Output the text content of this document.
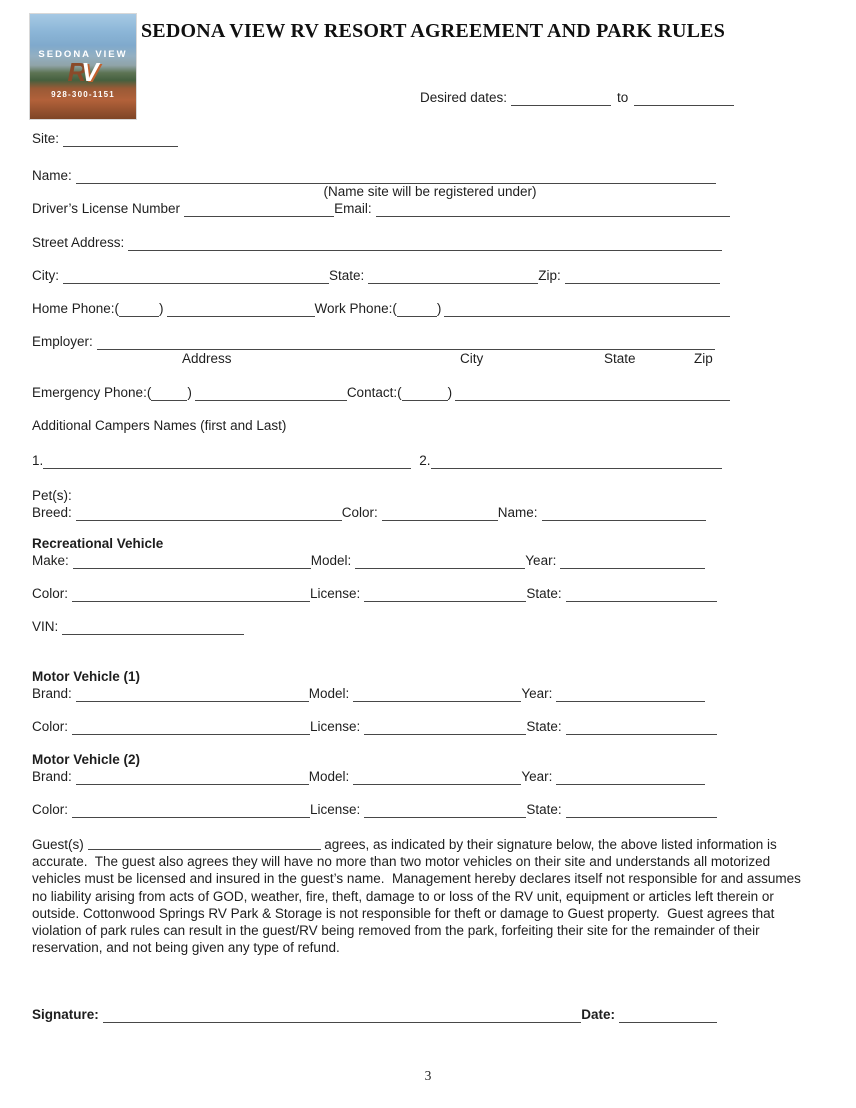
SEDONA VIEW
RV
928-300-1151
SEDONA VIEW RV RESORT AGREEMENT AND PARK RULES
Desired dates:	to
Site:
Name:
(Name site will be registered under)
Driver’s License Number	Email:
Street Address:
City:	State:	Zip:
Home Phone:(	)	Work Phone:(	)
Employer:
Address	City	State	Zip
Emergency Phone:(	)	Contact:(	)
Additional Campers Names (first and Last)
1.	2.
Pet(s):
Breed:	Color:	Name:
Recreational Vehicle
Make:	Model:	Year:
Color:	License:	State:
VIN:
Motor Vehicle (1)
Brand:	Model:	Year:
Color:	License:	State:
Motor Vehicle (2)
Brand:	Model:	Year:
Color:	License:	State:
Guest(s)	agrees, as indicated by their signature below, the above listed information is accurate.  The guest also agrees they will have no more than two motor vehicles on their site and understands all motorized vehicles must be licensed and insured in the guest’s name.  Management hereby declares itself not responsible for and assumes no liability arising from acts of GOD, weather, fire, theft, damage to or loss of the RV unit, equipment or articles left therein or outside. Cottonwood Springs RV Park & Storage is not responsible for theft or damage to Guest property.  Guest agrees that violation of park rules can result in the guest/RV being removed from the park, forfeiting their site for the remainder of their reservation, and not being given any type of refund.
Signature:	Date:
3
